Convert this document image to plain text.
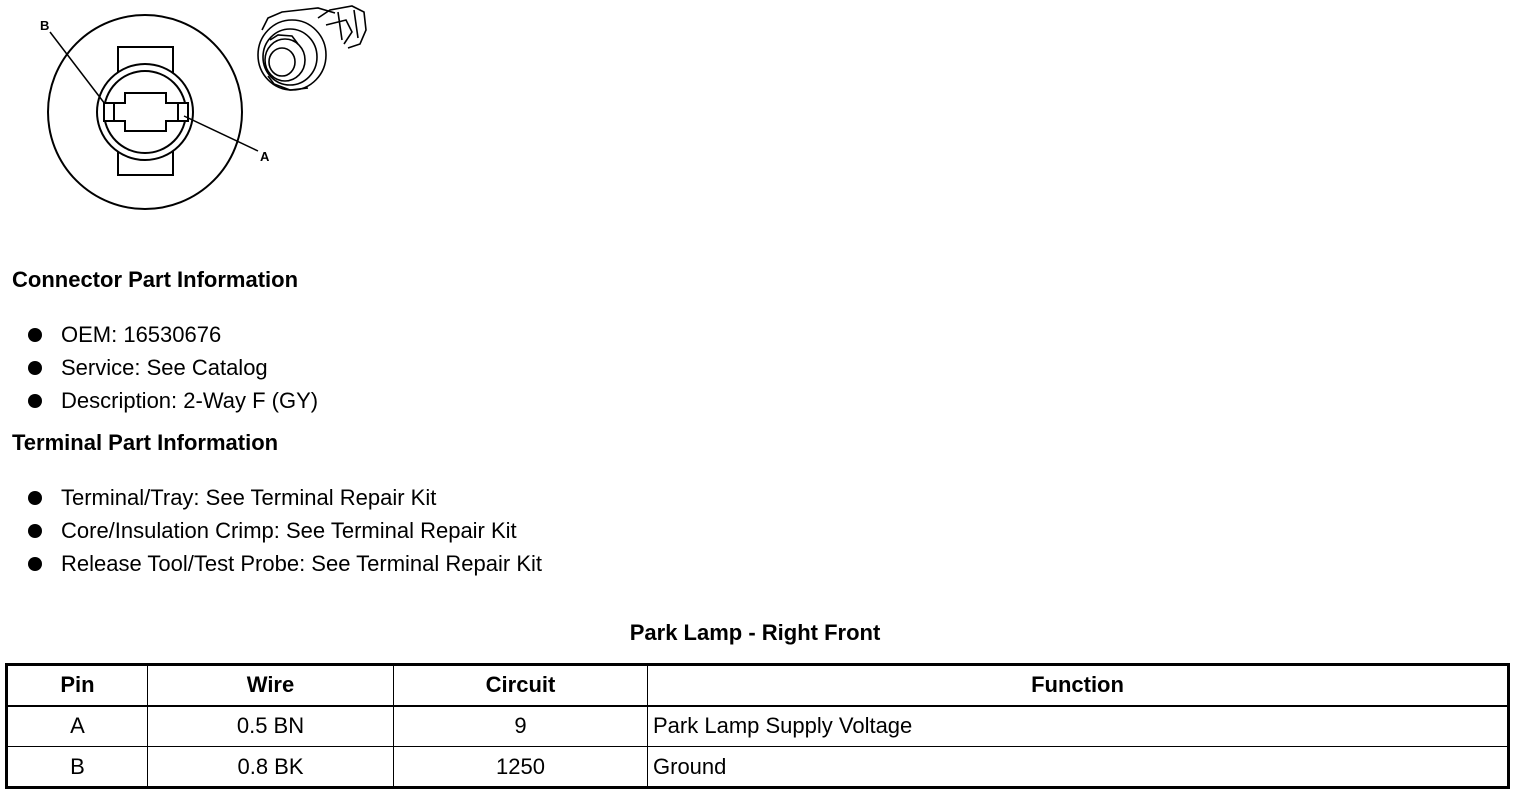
B
A
Connector Part Information
OEM: 16530676
Service: See Catalog
Description: 2-Way F (GY)
Terminal Part Information
Terminal/Tray: See Terminal Repair Kit
Core/Insulation Crimp: See Terminal Repair Kit
Release Tool/Test Probe: See Terminal Repair Kit
Park Lamp - Right Front
Pin	Wire	Circuit	Function
A	0.5 BN	9	Park Lamp Supply Voltage
B	0.8 BK	1250	Ground
